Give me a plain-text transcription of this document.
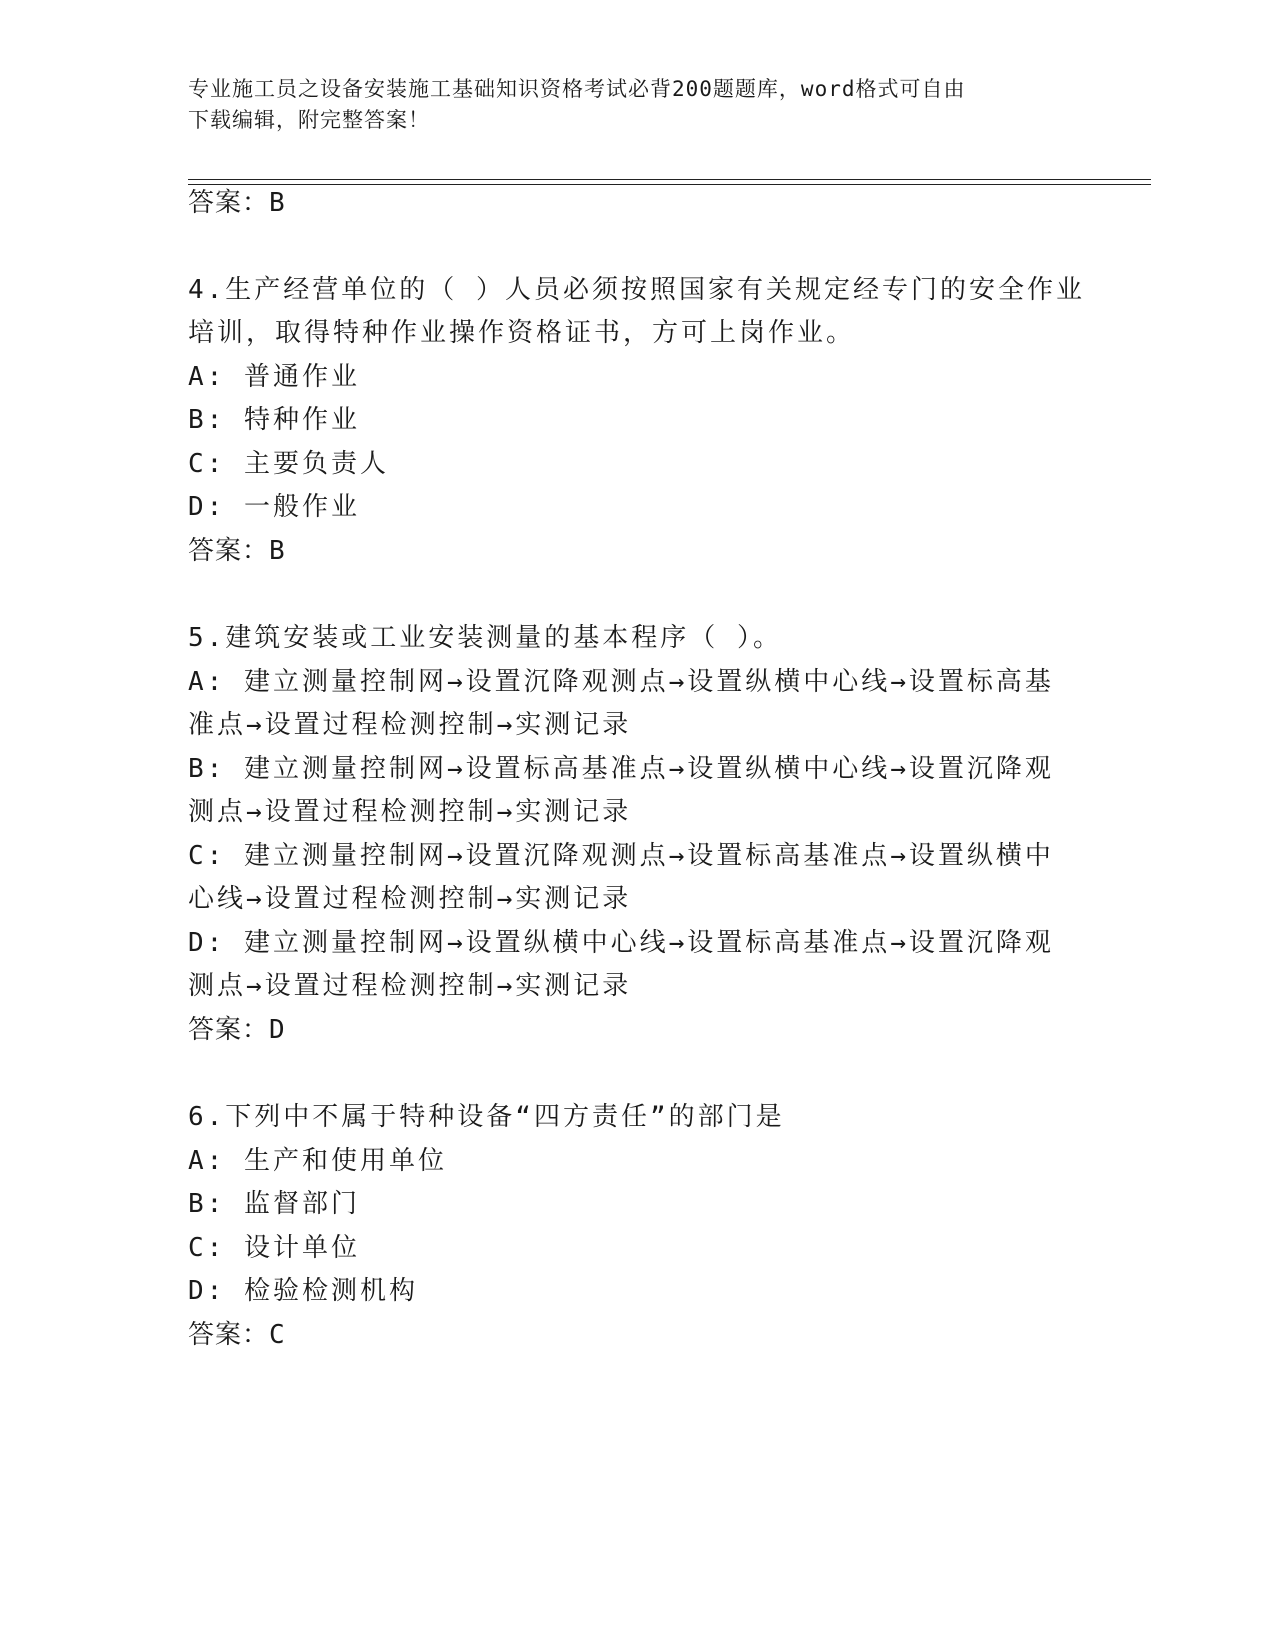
专业施工员之设备安装施工基础知识资格考试必背200题题库，word格式可自由
下载编辑，附完整答案！
答案：B
4.生产经营单位的（ ）人员必须按照国家有关规定经专门的安全作业
培训，取得特种作业操作资格证书，方可上岗作业。
A: 普通作业
B: 特种作业
C: 主要负责人
D: 一般作业
答案：B
5.建筑安装或工业安装测量的基本程序（ ）。
A: 建立测量控制网→设置沉降观测点→设置纵横中心线→设置标高基
准点→设置过程检测控制→实测记录
B: 建立测量控制网→设置标高基准点→设置纵横中心线→设置沉降观
测点→设置过程检测控制→实测记录
C: 建立测量控制网→设置沉降观测点→设置标高基准点→设置纵横中
心线→设置过程检测控制→实测记录
D: 建立测量控制网→设置纵横中心线→设置标高基准点→设置沉降观
测点→设置过程检测控制→实测记录
答案：D
6.下列中不属于特种设备“四方责任”的部门是
A: 生产和使用单位
B: 监督部门
C: 设计单位
D: 检验检测机构
答案：C
